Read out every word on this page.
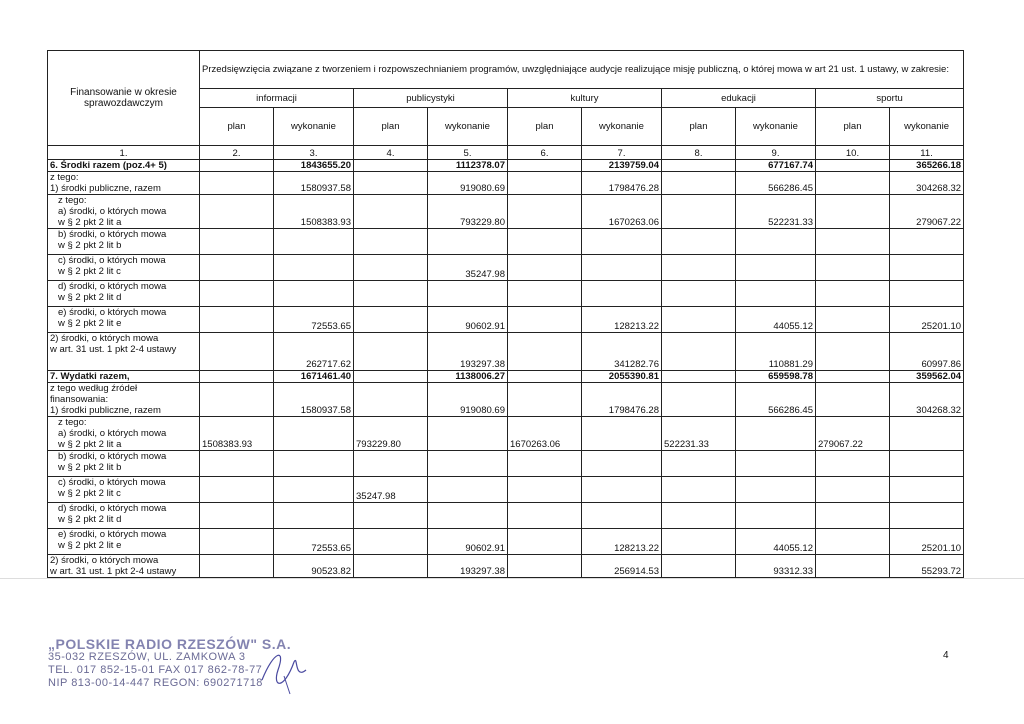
Finansowanie w okresie sprawozdawczym	Przedsięwzięcia związane z tworzeniem i rozpowszechnianiem programów, uwzględniające audycje realizujące misję publiczną, o której mowa w art 21 ust. 1 ustawy, w zakresie:									
	informacji		publicystyki		kultury		edukacji		sportu	
	plan	wykonanie	plan	wykonanie	plan	wykonanie	plan	wykonanie	plan	wykonanie
1.	2.	3.	4.	5.	6.	7.	8.	9.	10.	11.
6. Środki razem (poz.4+ 5)		1843655.20		1112378.07		2139759.04		677167.74		365266.18
z tego:
1) środki publiczne, razem		1580937.58		919080.69		1798476.28		566286.45		304268.32
z tego:
a) środki, o których mowa
w § 2 pkt 2 lit a		1508383.93		793229.80		1670263.06		522231.33		279067.22
b) środki, o których mowa
w § 2 pkt 2 lit b										
c) środki, o których mowa
w § 2 pkt 2 lit c				35247.98						
d) środki, o których mowa
w § 2 pkt 2 lit d										
e) środki, o których mowa
w § 2 pkt 2 lit e		72553.65		90602.91		128213.22		44055.12		25201.10
2) środki, o których mowa
w art. 31 ust. 1 pkt 2-4 ustawy		262717.62		193297.38		341282.76		110881.29		60997.86
7. Wydatki razem,		1671461.40		1138006.27		2055390.81		659598.78		359562.04
z tego według źródeł
finansowania:
1) środki publiczne, razem		1580937.58		919080.69		1798476.28		566286.45		304268.32
z tego:
a) środki, o których mowa
w § 2 pkt 2 lit a	1508383.93		793229.80		1670263.06		522231.33		279067.22	
b) środki, o których mowa
w § 2 pkt 2 lit b										
c) środki, o których mowa
w § 2 pkt 2 lit c			35247.98							
d) środki, o których mowa
w § 2 pkt 2 lit d										
e) środki, o których mowa
w § 2 pkt 2 lit e		72553.65		90602.91		128213.22		44055.12		25201.10
2) środki, o których mowa
w art. 31 ust. 1 pkt 2-4 ustawy		90523.82		193297.38		256914.53		93312.33		55293.72
4
„POLSKIE RADIO RZESZÓW" S.A.
35-032 RZESZÓW, UL. ZAMKOWA 3
TEL. 017 852-15-01 FAX 017 862-78-77
NIP 813-00-14-447 REGON: 690271718
